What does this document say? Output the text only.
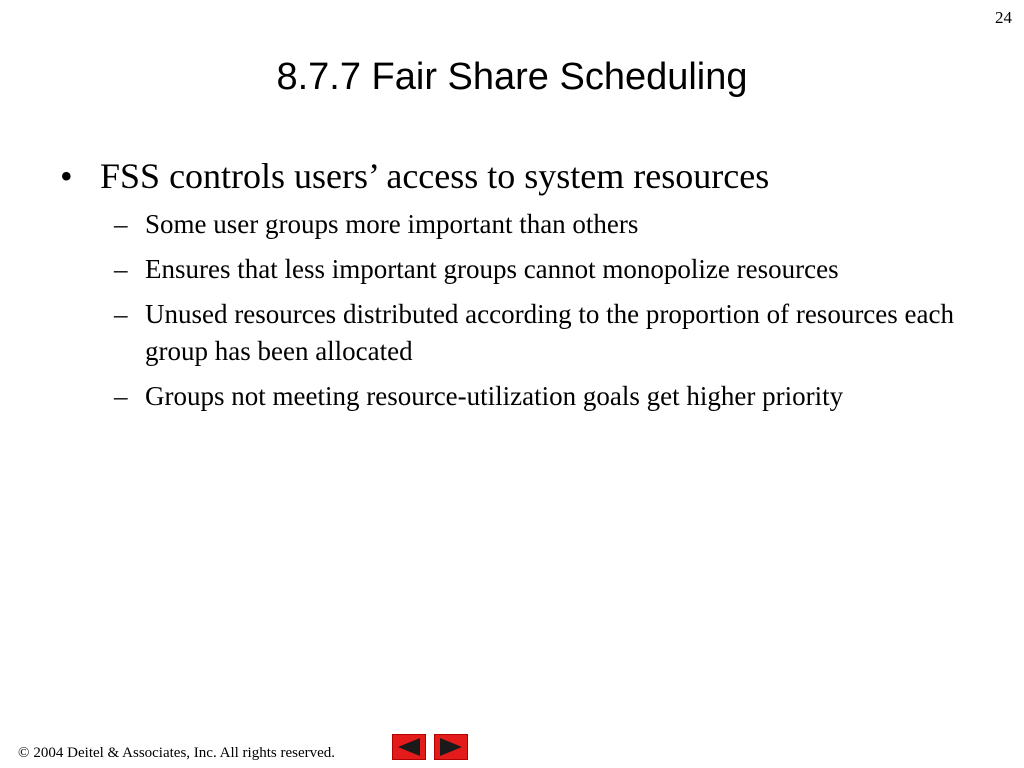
24
8.7.7 Fair Share Scheduling
• FSS controls users’ access to system resources
– Some user groups more important than others
– Ensures that less important groups cannot monopolize resources
– Unused resources distributed according to the proportion of resources each group has been allocated
– Groups not meeting resource-utilization goals get higher priority
© 2004 Deitel & Associates, Inc. All rights reserved.
